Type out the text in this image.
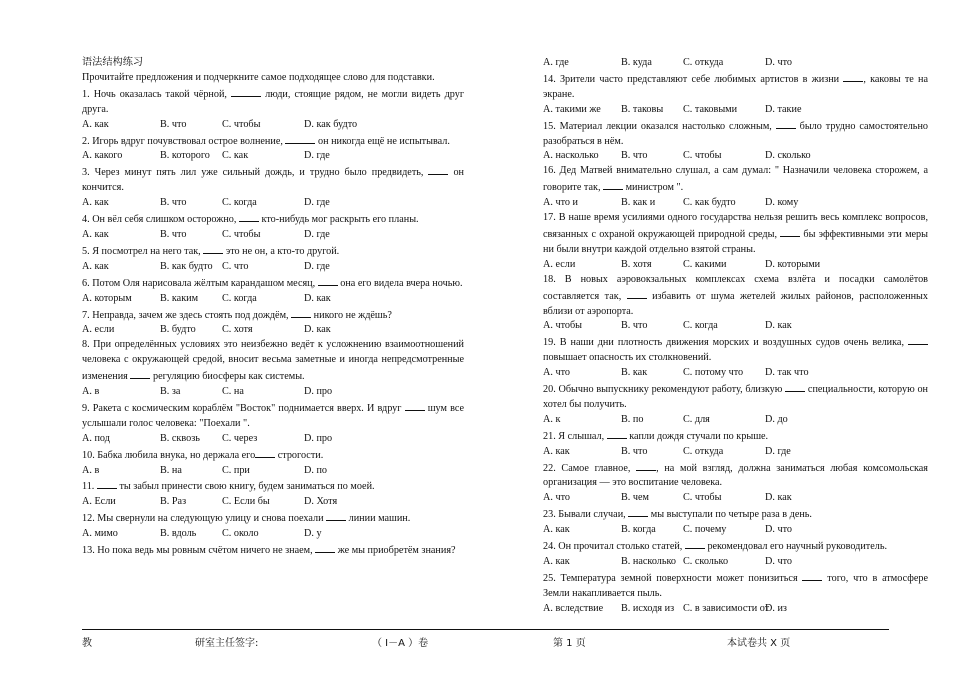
语法结构练习

Прочитайте предложения и подчеркните самое подходящее слово для подставки.

1. Ночь оказалась такой чёрной,	люди, стоящие рядом, не могли видеть друг друга.

A. как	B. что	C. чтобы	D. как будто

2. Игорь вдруг почувствовал острое волнение,	он никогда ещё не испытывал.

A. какого	B. которого C. как	D. где

3. Через минут пять лил уже сильный дождь, и трудно было предвидеть,  он кончится.

A. как	B. что	C. когда	D. где

4. Он вёл себя слишком осторожно,  кто-нибудь мог раскрыть его планы.

A. как	B. что	C. чтобы	D. где

5. Я посмотрел на него так,  это не он, а кто-то другой.

A. как	B. как будто C. что	D. где

6. Потом Оля нарисовала жёлтым карандашом месяц,  она его видела вчера ночью.

A. которым	B. каким C. когда	D. как

7. Неправда, зачем же здесь стоять под дождём,  никого не ждёшь?

A. если	B. будто	C. хотя	D. как

8. При определённых условиях это неизбежно ведёт к усложнению взаимоотношений человека с окружающей средой, вносит весьма заметные и иногда непредсмотренные изменения  регуляцию биосферы как системы.

A. в	B. за	C. на	D. про

9. Ракета с космическим кораблём "Восток" поднимается вверх. И вдруг  шум все услышали голос человека: "Поехали ".

A. под	B. сквозь C. через	D. про

10. Бабка любила внука, но держала его строгости.

A. в	B. на	C. при	D. по

11.  ты забыл принести свою книгу, будем заниматься по моей.

A. Если	B. Раз	C. Если бы	D. Хотя

12. Мы свернули на следующую улицу и снова поехали  линии машин.

A. мимо	B. вдоль	C. около	D. у

13. Но пока ведь мы ровным счётом ничего не знаем,  же мы приобретём знания?

A. где	B. куда	C. откуда	D. что

14. Зрители часто представляют себе любимых артистов в жизни , каковы те на экране.

A. такими же B. таковы C. таковыми	D. такие

15. Материал лекции оказался настолько сложным,  было трудно самостоятельно разобраться в нём.

A. насколько B. что	C. чтобы	D. сколько

16. Дед Матвей внимательно слушал, а сам думал: " Назначили человека сторожем, а говорите так,  министром ".

A. что и	B. как и	C. как будто	D. кому

17. В наше время усилиями одного государства нельзя решить весь комплекс вопросов, связанных с охраной окружающей природной среды,  бы эффективными эти меры ни были внутри каждой отдельно взятой страны.

A. если	B. хотя	C. какими	D. которыми

18. В новых аэровокзальных комплексах схема взлёта и посадки самолётов составляется так,  избавить от шума жетелей жилых районов, расположенных вблизи от аэропорта.

A. чтобы	B. что	C. когда	D. как

19. В наши дни плотность движения морских и воздушных судов очень велика,  повышает опасность их столкновений.

A. что	B. как	C. потому что D. так что

20. Обычно выпускнику рекомендуют работу, близкую  специальности, которую он хотел бы получить.

A. к	B. по	C. для	D. до

21. Я слышал,  капли дождя стучали по крыше.

A. как	B. что	C. откуда	D. где

22. Самое главное, , на мой взгляд, должна заниматься любая комсомольская организация — это воспитание человека.

A. что	B. чем	C. чтобы	D. как

23. Бывали случаи,  мы выступали по четыре раза в день.

A. как	B. когда	C. почему	D. что

24. Он прочитал столько статей,  рекомендовал его научный руководитель.

A. как	B. насколько C. сколько	D. что

25. Температура земной поверхности может понизиться  того, что в атмосфере Земли накапливается пыль.

A. вследствие B. исходя из C. в зависимости отD. из

教	研室主任签字:	（ Ⅰ－A ）卷	第 1 页	本试卷共 X 页
